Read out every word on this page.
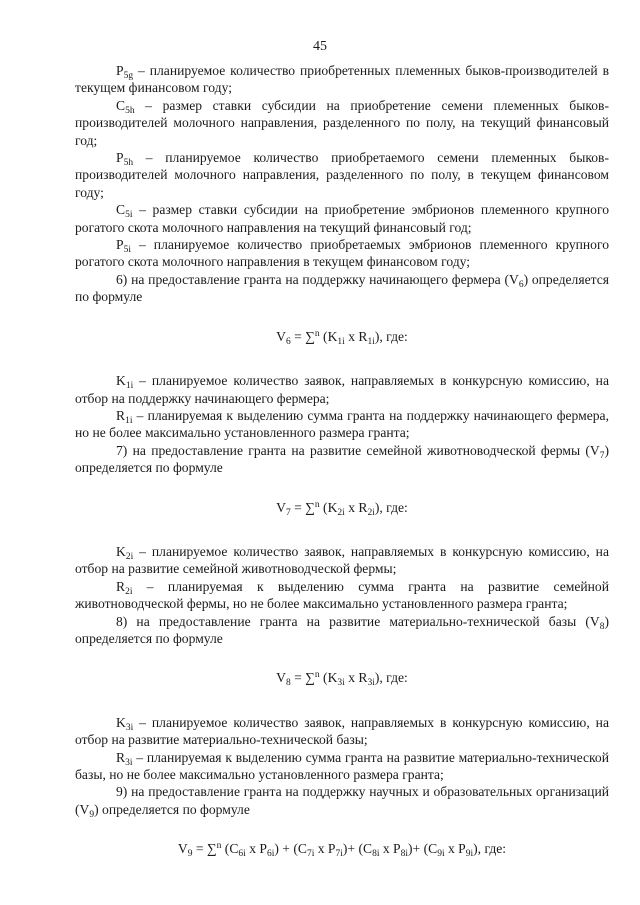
45
$P_{5g}$ – планируемое количество приобретенных племенных быков-производителей в текущем финансовом году;
$C_{5h}$ – размер ставки субсидии на приобретение семени племенных быков-производителей молочного направления, разделенного по полу, на текущий финансовый год;
$P_{5h}$ – планируемое количество приобретаемого семени племенных быков-производителей молочного направления, разделенного по полу, в текущем финансовом году;
$C_{5i}$ – размер ставки субсидии на приобретение эмбрионов племенного крупного рогатого скота молочного направления на текущий финансовый год;
$P_{5i}$ – планируемое количество приобретаемых эмбрионов племенного крупного рогатого скота молочного направления в текущем финансовом году;
6) на предоставление гранта на поддержку начинающего фермера $(V_6)$ определяется по формуле
$V_6 = \sum^n$ ($K_{1i}$ x $R_{1i}$), где:
$K_{1i}$ – планируемое количество заявок, направляемых в конкурсную комиссию, на отбор на поддержку начинающего фермера;
$R_{1i}$ – планируемая к выделению сумма гранта на поддержку начинающего фермера, но не более максимально установленного размера гранта;
7) на предоставление гранта на развитие семейной животноводческой фермы $(V_7)$ определяется по формуле
$V_7 = \sum^n$ ($K_{2i}$ x $R_{2i}$), где:
$K_{2i}$ – планируемое количество заявок, направляемых в конкурсную комиссию, на отбор на развитие семейной животноводческой фермы;
$R_{2i}$ – планируемая к выделению сумма гранта на развитие семейной животноводческой фермы, но не более максимально установленного размера гранта;
8) на предоставление гранта на развитие материально-технической базы $(V_8)$ определяется по формуле
$V_8 = \sum^n$ ($K_{3i}$ x $R_{3i}$), где:
$K_{3i}$ – планируемое количество заявок, направляемых в конкурсную комиссию, на отбор на развитие материально-технической базы;
$R_{3i}$ – планируемая к выделению сумма гранта на развитие материально-технической базы, но не более максимально установленного размера гранта;
9) на предоставление гранта на поддержку научных и образовательных организаций $(V_9)$ определяется по формуле
$V_9 = \sum^n$ ($C_{6i}$ x $P_{6i}) + (C_{7i}$ x $P_{7i})+ (C_{8i}$ x $P_{8i})+ (C_{9i}$ x $P_{9i}$), где:
